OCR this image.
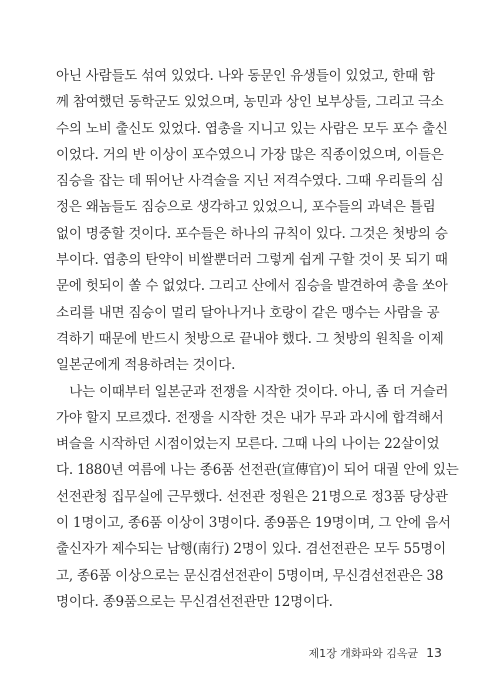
아닌 사람들도 섞여 있었다. 나와 동문인 유생들이 있었고, 한때 함
께 참여했던 동학군도 있었으며, 농민과 상인 보부상들, 그리고 극소
수의 노비 출신도 있었다. 엽총을 지니고 있는 사람은 모두 포수 출신
이었다. 거의 반 이상이 포수였으니 가장 많은 직종이었으며, 이들은
짐승을 잡는 데 뛰어난 사격술을 지닌 저격수였다. 그때 우리들의 심
정은 왜놈들도 짐승으로 생각하고 있었으니, 포수들의 과녁은 틀림
없이 명중할 것이다. 포수들은 하나의 규칙이 있다. 그것은 첫방의 승
부이다. 엽총의 탄약이 비쌀뿐더러 그렇게 쉽게 구할 것이 못 되기 때
문에 헛되이 쏠 수 없었다. 그리고 산에서 짐승을 발견하여 총을 쏘아
소리를 내면 짐승이 멀리 달아나거나 호랑이 같은 맹수는 사람을 공
격하기 때문에 반드시 첫방으로 끝내야 했다. 그 첫방의 원칙을 이제
일본군에게 적용하려는 것이다.
　나는 이때부터 일본군과 전쟁을 시작한 것이다. 아니, 좀 더 거슬러
가야 할지 모르겠다. 전쟁을 시작한 것은 내가 무과 과시에 합격해서
벼슬을 시작하던 시점이었는지 모른다. 그때 나의 나이는 22살이었
다. 1880년 여름에 나는 종6품 선전관(宣傳官)이 되어 대궐 안에 있는
선전관청 집무실에 근무했다. 선전관 정원은 21명으로 정3품 당상관
이 1명이고, 종6품 이상이 3명이다. 종9품은 19명이며, 그 안에 음서
출신자가 제수되는 남행(南行) 2명이 있다. 겸선전관은 모두 55명이
고, 종6품 이상으로는 문신겸선전관이 5명이며, 무신겸선전관은 38
명이다. 종9품으로는 무신겸선전관만 12명이다.
제1장 개화파와 김옥균 13
